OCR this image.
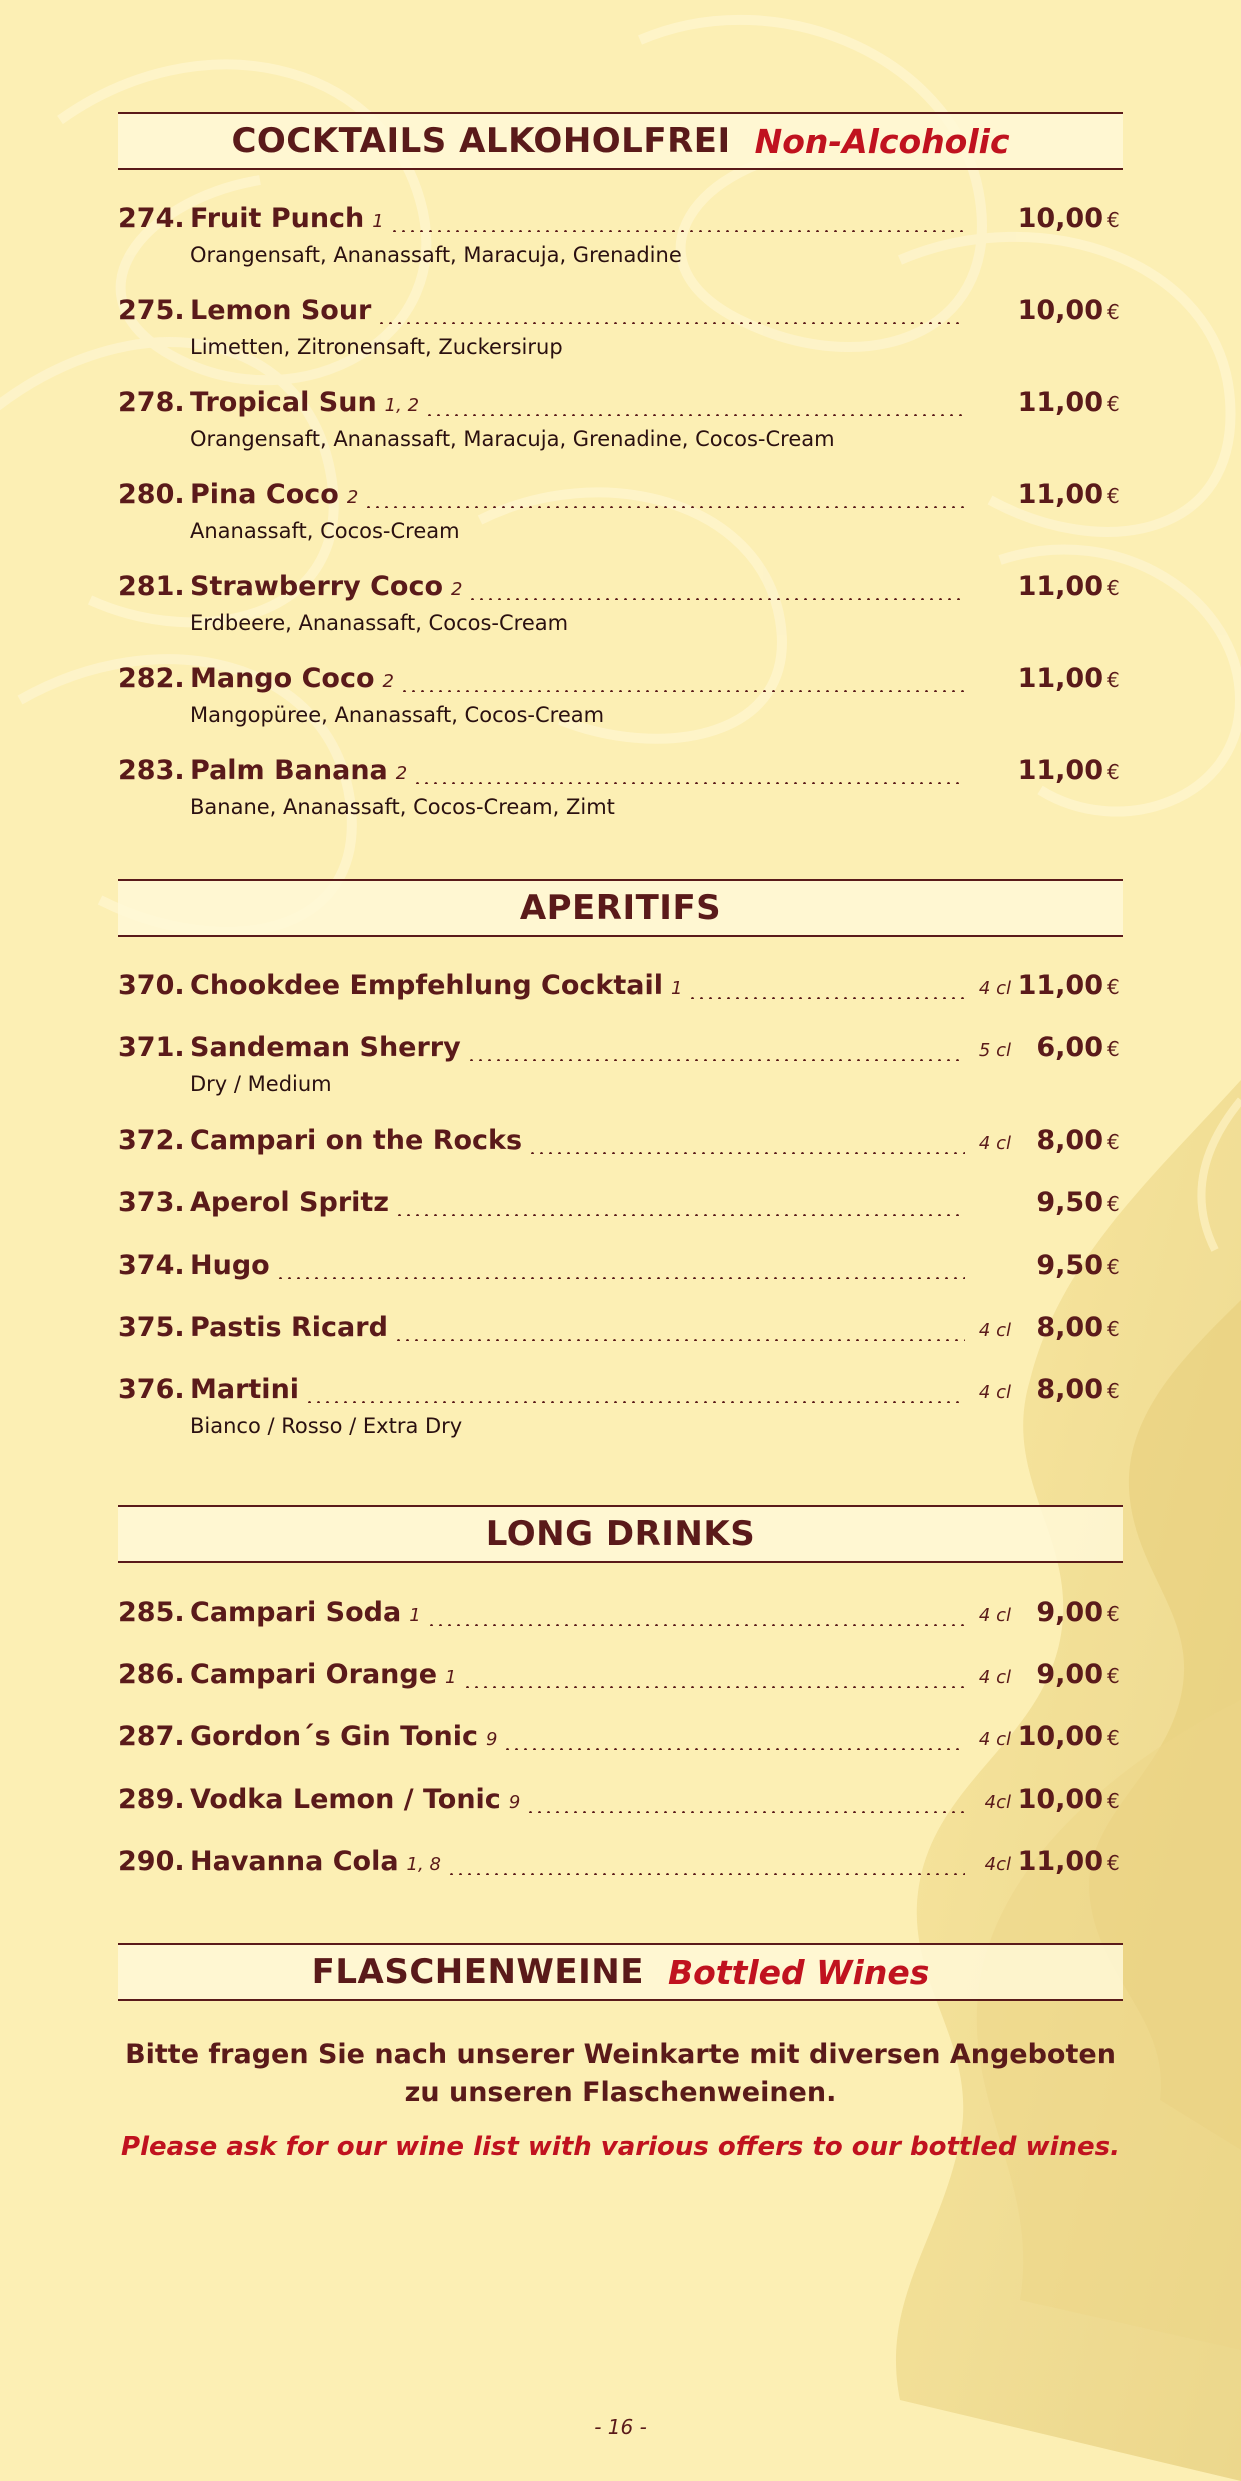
COCKTAILS ALKOHOLFREI Non-Alcoholic
274. Fruit Punch 1	10,00 €
Orangensaft, Ananassaft, Maracuja, Grenadine
275. Lemon Sour	10,00 €
Limetten, Zitronensaft, Zuckersirup
278. Tropical Sun 1, 2	11,00 €
Orangensaft, Ananassaft, Maracuja, Grenadine, Cocos-Cream
280. Pina Coco 2	11,00 €
Ananassaft, Cocos-Cream
281. Strawberry Coco 2	11,00 €
Erdbeere, Ananassaft, Cocos-Cream
282. Mango Coco 2	11,00 €
Mangopüree, Ananassaft, Cocos-Cream
283. Palm Banana 2	11,00 €
Banane, Ananassaft, Cocos-Cream, Zimt
APERITIFS
370. Chookdee Empfehlung Cocktail 1	4 cl 11,00 €
371. Sandeman Sherry	5 cl 6,00 €
Dry / Medium
372. Campari on the Rocks	4 cl 8,00 €
373. Aperol Spritz	9,50 €
374. Hugo	9,50 €
375. Pastis Ricard	4 cl 8,00 €
376. Martini	4 cl 8,00 €
Bianco / Rosso / Extra Dry
LONG DRINKS
285. Campari Soda 1	4 cl 9,00 €
286. Campari Orange 1	4 cl 9,00 €
287. Gordon´s Gin Tonic 9	4 cl 10,00 €
289. Vodka Lemon / Tonic 9	4cl 10,00 €
290. Havanna Cola 1, 8	4cl 11,00 €
FLASCHENWEINE Bottled Wines
Bitte fragen Sie nach unserer Weinkarte mit diversen Angeboten
zu unseren Flaschenweinen.
Please ask for our wine list with various offers to our bottled wines.
- 16 -
